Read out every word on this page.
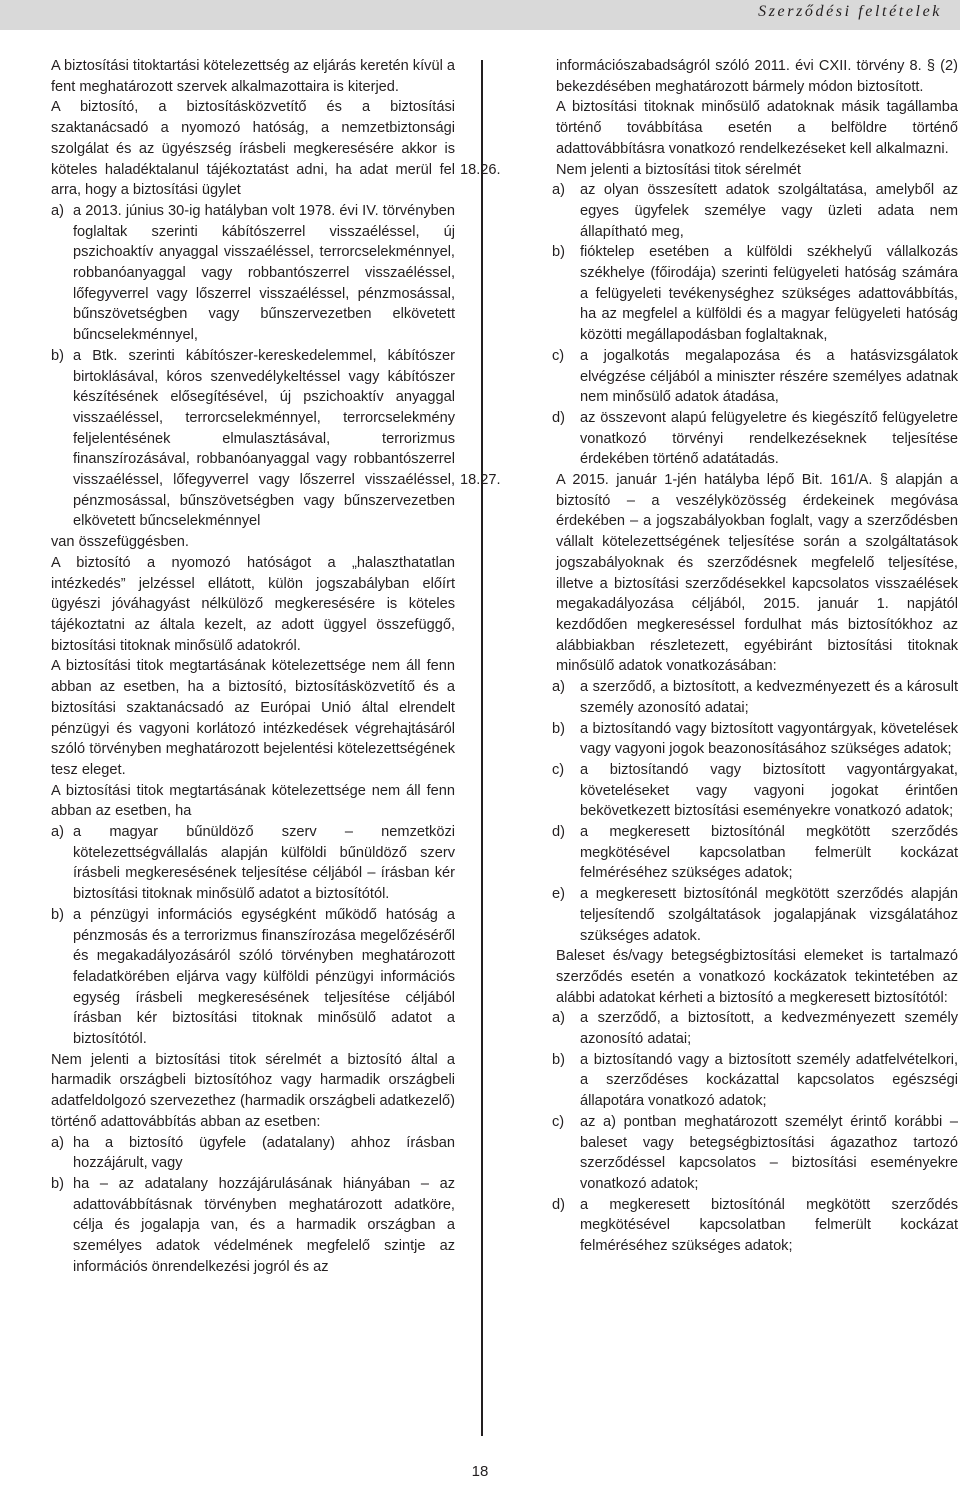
Szerződési feltételek

A biztosítási titoktartási kötelezettség az eljárás keretén kívül a fent meghatározott szervek alkalmazottaira is kiterjed.

A biztosító, a biztosításközvetítő és a biztosítási szaktanácsadó a nyomozó hatóság, a nemzetbiztonsági szolgálat és az ügyészség írásbeli megkeresésére akkor is köteles haladéktalanul tájékoztatást adni, ha adat merül fel arra, hogy a biztosítási ügylet

a) a 2013. június 30-ig hatályban volt 1978. évi IV. törvényben foglaltak szerinti kábítószerrel visszaéléssel, új pszichoaktív anyaggal visszaéléssel, terrorcselekménnyel, robbanóanyaggal vagy robbantószerrel visszaéléssel, lőfegyverrel vagy lőszerrel visszaéléssel, pénzmosással, bűnszövetségben vagy bűnszervezetben elkövetett bűncselekménnyel,

b) a Btk. szerinti kábítószer-kereskedelemmel, kábítószer birtoklásával, kóros szenvedélykeltéssel vagy kábítószer készítésének elősegítésével, új pszichoaktív anyaggal visszaéléssel, terrorcselekménnyel, terrorcselekmény feljelentésének elmulasztásával, terrorizmus finanszírozásával, robbanóanyaggal vagy robbantószerrel visszaéléssel, lőfegyverrel vagy lőszerrel visszaéléssel, pénzmosással, bűnszövetségben vagy bűnszervezetben elkövetett bűncselekménnyel

van összefüggésben.

A biztosító a nyomozó hatóságot a „halaszthatatlan intézkedés” jelzéssel ellátott, külön jogszabályban előírt ügyészi jóváhagyást nélkülöző megkeresésére is köteles tájékoztatni az általa kezelt, az adott üggyel összefüggő, biztosítási titoknak minősülő adatokról.

A biztosítási titok megtartásának kötelezettsége nem áll fenn abban az esetben, ha a biztosító, biztosításközvetítő és a biztosítási szaktanácsadó az Európai Unió által elrendelt pénzügyi és vagyoni korlátozó intézkedések végrehajtásáról szóló törvényben meghatározott bejelentési kötelezettségének tesz eleget.

A biztosítási titok megtartásának kötelezettsége nem áll fenn abban az esetben, ha

a) a magyar bűnüldöző szerv – nemzetközi kötelezettségvállalás alapján külföldi bűnüldöző szerv írásbeli megkeresésének teljesítése céljából – írásban kér biztosítási titoknak minősülő adatot a biztosítótól.

b) a pénzügyi információs egységként működő hatóság a pénzmosás és a terrorizmus finanszírozása megelőzéséről és megakadályozásáról szóló törvényben meghatározott feladatkörében eljárva vagy külföldi pénzügyi információs egység írásbeli megkeresésének teljesítése céljából írásban kér biztosítási titoknak minősülő adatot a biztosítótól.

Nem jelenti a biztosítási titok sérelmét a biztosító által a harmadik országbeli biztosítóhoz vagy harmadik országbeli adatfeldolgozó szervezethez (harmadik országbeli adatkezelő) történő adattovábbítás abban az esetben:

a) ha a biztosító ügyfele (adatalany) ahhoz írásban hozzájárult, vagy

b) ha – az adatalany hozzájárulásának hiányában – az adattovábbításnak törvényben meghatározott adatköre, célja és jogalapja van, és a harmadik országban a személyes adatok védelmének megfelelő szintje az információs önrendelkezési jogról és az

információszabadságról szóló 2011. évi CXII. törvény 8. § (2) bekezdésében meghatározott bármely módon biztosított.

A biztosítási titoknak minősülő adatoknak másik tagállamba történő továbbítása esetén a belföldre történő adattovábbításra vonatkozó rendelkezéseket kell alkalmazni.

18.26.	Nem jelenti a biztosítási titok sérelmét

a) az olyan összesített adatok szolgáltatása, amelyből az egyes ügyfelek személye vagy üzleti adata nem állapítható meg,

b) fióktelep esetében a külföldi székhelyű vállalkozás székhelye (főirodája) szerinti felügyeleti hatóság számára a felügyeleti tevékenységhez szükséges adattovábbítás, ha az megfelel a külföldi és a magyar felügyeleti hatóság közötti megállapodásban foglaltaknak,

c) a jogalkotás megalapozása és a hatásvizsgálatok elvégzése céljából a miniszter részére személyes adatnak nem minősülő adatok átadása,

d) az összevont alapú felügyeletre és kiegészítő felügyeletre vonatkozó törvényi rendelkezéseknek teljesítése érdekében történő adatátadás.

18.27.	A 2015. január 1-jén hatályba lépő Bit. 161/A. § alapján a biztosító – a veszélyközösség érdekeinek megóvása érdekében – a jogszabályokban foglalt, vagy a szerződésben vállalt kötelezettségének teljesítése során a szolgáltatások jogszabályoknak és szerződésnek megfelelő teljesítése, illetve a biztosítási szerződésekkel kapcsolatos visszaélések megakadályozása céljából, 2015. január 1. napjától kezdődően megkereséssel fordulhat más biztosítókhoz az alábbiakban részletezett, egyébiránt biztosítási titoknak minősülő adatok vonatkozásában:

a) a szerződő, a biztosított, a kedvezményezett és a károsult személy azonosító adatai;

b) a biztosítandó vagy biztosított vagyontárgyak, követelések vagy vagyoni jogok beazonosításához szükséges adatok;

c) a biztosítandó vagy biztosított vagyontárgyakat, követeléseket vagy vagyoni jogokat érintően bekövetkezett biztosítási eseményekre vonatkozó adatok;

d) a megkeresett biztosítónál megkötött szerződés megkötésével kapcsolatban felmerült kockázat felméréséhez szükséges adatok;

e) a megkeresett biztosítónál megkötött szerződés alapján teljesítendő szolgáltatások jogalapjának vizsgálatához szükséges adatok.

Baleset és/vagy betegségbiztosítási elemeket is tartalmazó szerződés esetén a vonatkozó kockázatok tekintetében az alábbi adatokat kérheti a biztosító a megkeresett biztosítótól:

a) a szerződő, a biztosított, a kedvezményezett személy azonosító adatai;

b) a biztosítandó vagy a biztosított személy adatfelvételkori, a szerződéses kockázattal kapcsolatos egészségi állapotára vonatkozó adatok;

c) az a) pontban meghatározott személyt érintő korábbi – baleset vagy betegségbiztosítási ágazathoz tartozó szerződéssel kapcsolatos – biztosítási eseményekre vonatkozó adatok;

d) a megkeresett biztosítónál megkötött szerződés megkötésével kapcsolatban felmerült kockázat felméréséhez szükséges adatok;

18
